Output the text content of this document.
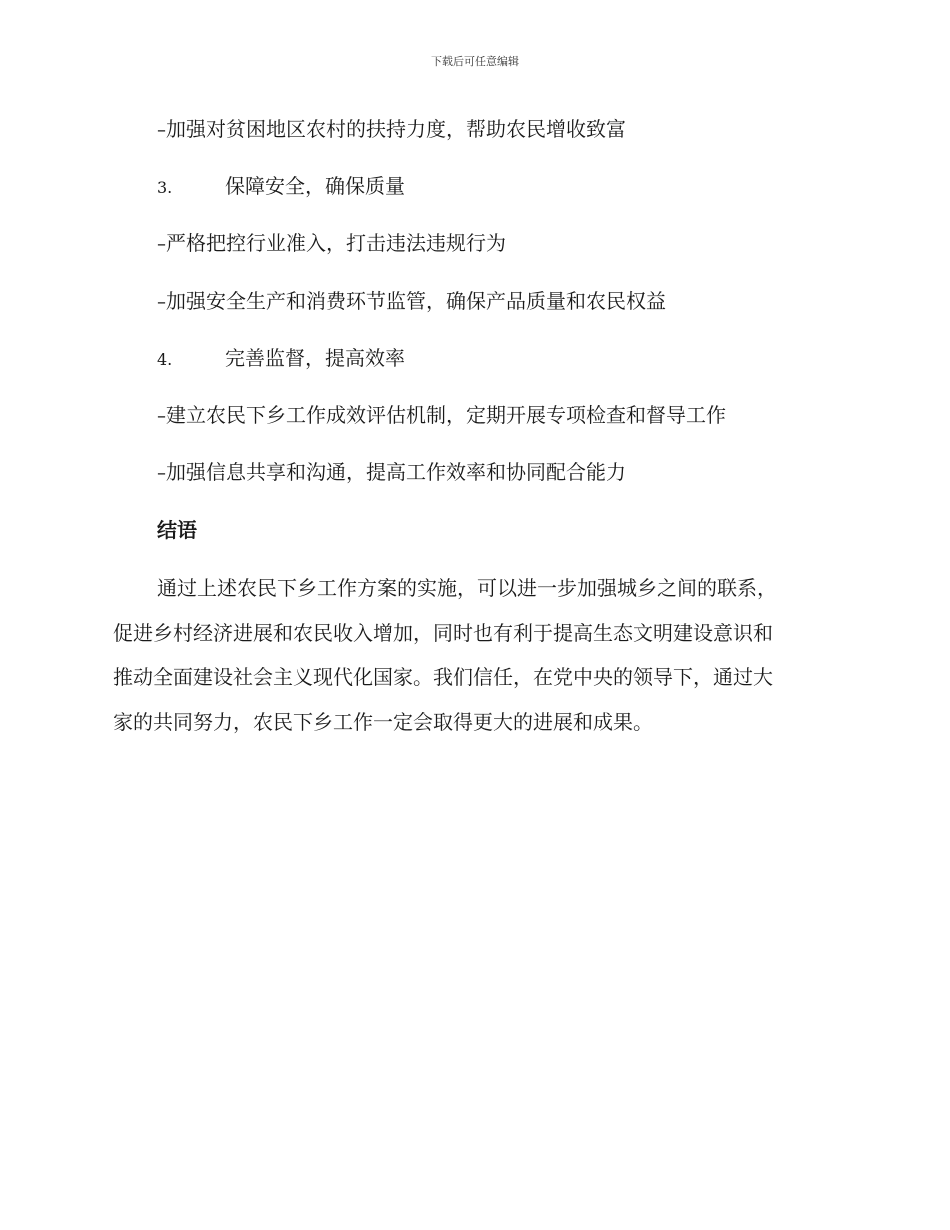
下载后可任意编辑
–加强对贫困地区农村的扶持力度，帮助农民增收致富
3.	保障安全，确保质量
–严格把控行业准入，打击违法违规行为
–加强安全生产和消费环节监管，确保产品质量和农民权益
4.	完善监督，提高效率
–建立农民下乡工作成效评估机制，定期开展专项检查和督导工作
–加强信息共享和沟通，提高工作效率和协同配合能力
结语
通过上述农民下乡工作方案的实施，可以进一步加强城乡之间的联系，
促进乡村经济进展和农民收入增加，同时也有利于提高生态文明建设意识和
推动全面建设社会主义现代化国家。我们信任，在党中央的领导下，通过大
家的共同努力，农民下乡工作一定会取得更大的进展和成果。
